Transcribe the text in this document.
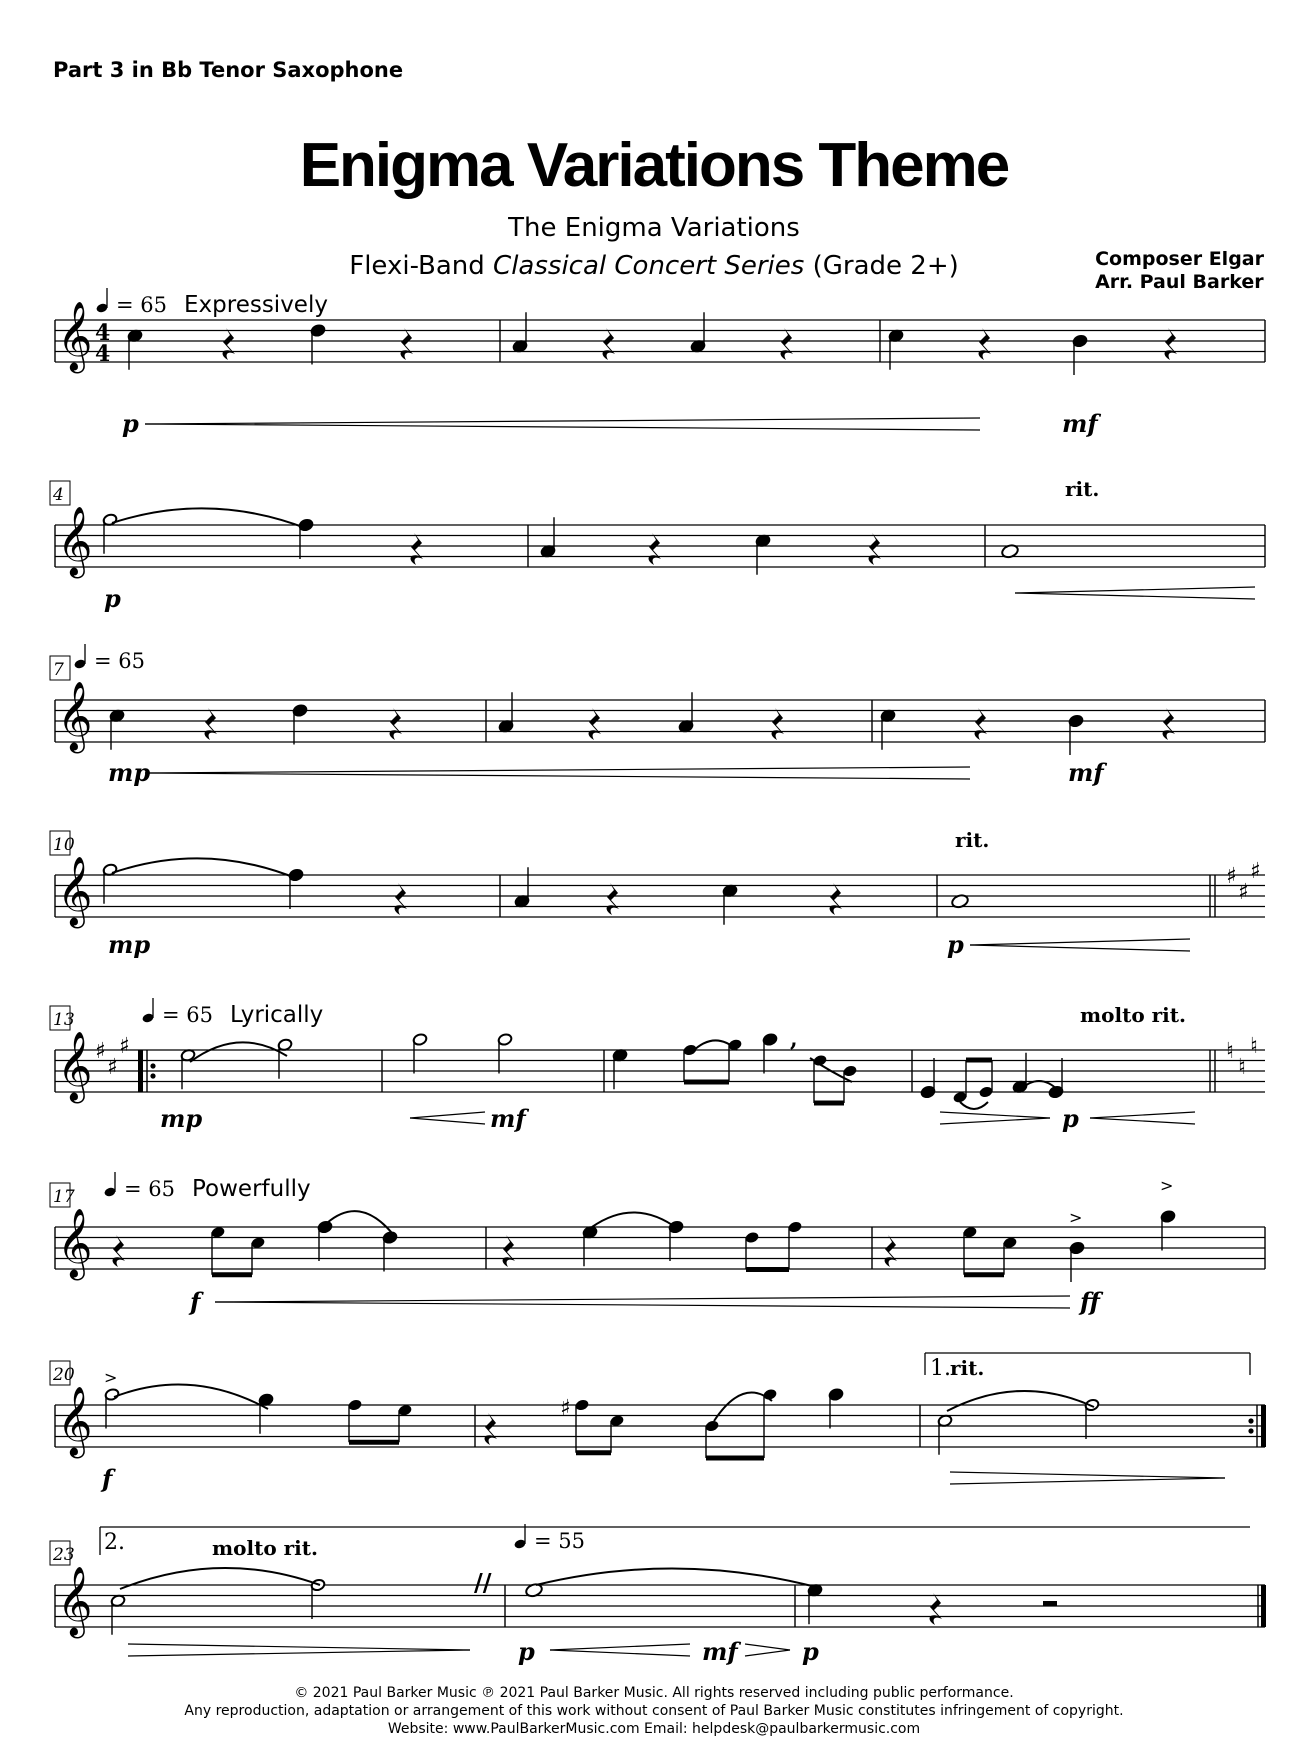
Part 3 in Bb Tenor Saxophone
Enigma Variations Theme
The Enigma Variations
Flexi-Band Classical Concert Series (Grade 2+)	Composer Elgar
Arr. Paul Barker
𝄞 4
4
= 65 Expressively
p	mf
𝄞
4	rit.
p
𝄞
7 = 65
mp	mf
𝄞
10
♯
♯
♯
rit.
mp	p
𝄞
13
♯
♯
♯
= 65 Lyrically
,	♮
♮
♮
molto rit.
mp	mf	p
𝄞
17 = 65 Powerfully
>
>
f	ff
𝄞
20 >
♯
1. rit.
f
𝄞
23 2.	molto rit.
//
= 55
p	mf	p
© 2021 Paul Barker Music ℗ 2021 Paul Barker Music. All rights reserved including public performance.
Any reproduction, adaptation or arrangement of this work without consent of Paul Barker Music constitutes infringement of copyright.
Website: www.PaulBarkerMusic.com Email: helpdesk@paulbarkermusic.com
